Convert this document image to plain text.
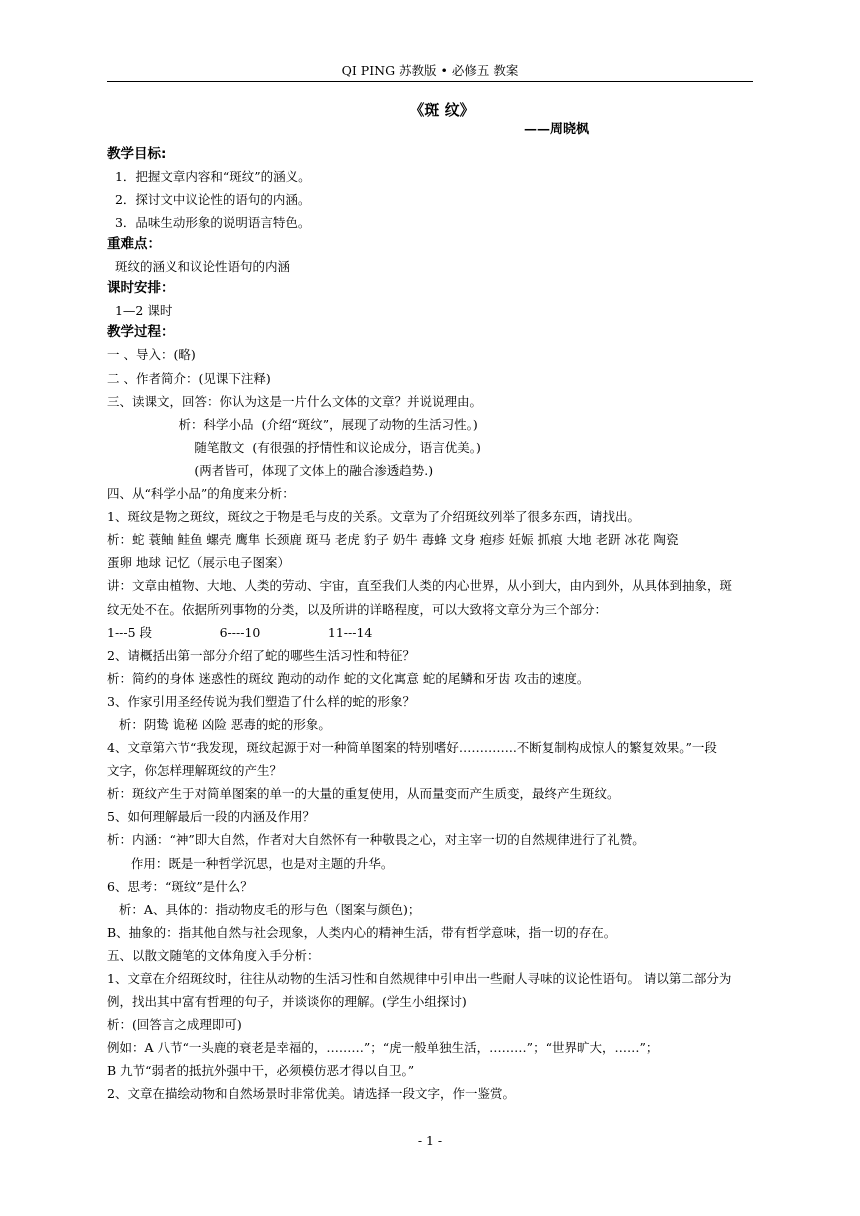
QI PING 苏教版 • 必修五 教案
《斑 纹》
——周晓枫
教学目标:
1．把握文章内容和“斑纹”的涵义。
2．探讨文中议论性的语句的内涵。
3．品味生动形象的说明语言特色。
重难点：
斑纹的涵义和议论性语句的内涵
课时安排：
1—2 课时
教学过程：
一 、导入：(略)
二 、作者简介：(见课下注释)
三、读课文，回答：你认为这是一片什么文体的文章？并说说理由。
析：科学小品  (介绍“斑纹”，展现了动物的生活习性。)
随笔散文  (有很强的抒情性和议论成分，语言优美。)
(两者皆可，体现了文体上的融合渗透趋势.)
四、从“科学小品”的角度来分析：
1、斑纹是物之斑纹，斑纹之于物是毛与皮的关系。文章为了介绍斑纹列举了很多东西，请找出。
析：蛇 蓑鲉 鲑鱼 螺壳 鹰隼 长颈鹿 斑马 老虎 豹子 奶牛 毒蜂 文身 疱疹 妊娠 抓痕 大地 老趼 冰花 陶瓷
蛋卵 地球 记忆（展示电子图案）
讲：文章由植物、大地、人类的劳动、宇宙，直至我们人类的内心世界，从小到大，由内到外，从具体到抽象，斑
纹无处不在。依据所列事物的分类，以及所讲的详略程度，可以大致将文章分为三个部分：
1---5 段                 6----10                 11---14
2、请概括出第一部分介绍了蛇的哪些生活习性和特征？
析：简约的身体 迷惑性的斑纹 跑动的动作 蛇的文化寓意 蛇的尾鳞和牙齿 攻击的速度。
3、作家引用圣经传说为我们塑造了什么样的蛇的形象？
析：阴鸷 诡秘 凶险 恶毒的蛇的形象。
4、文章第六节“我发现，斑纹起源于对一种简单图案的特别嗜好…………..不断复制构成惊人的繁复效果。”一段
文字，你怎样理解斑纹的产生？
析：斑纹产生于对简单图案的单一的大量的重复使用，从而量变而产生质变，最终产生斑纹。
5、如何理解最后一段的内涵及作用？
析：内涵：“神”即大自然，作者对大自然怀有一种敬畏之心，对主宰一切的自然规律进行了礼赞。
作用：既是一种哲学沉思，也是对主题的升华。
6、思考：“斑纹”是什么？
析：A、具体的：指动物皮毛的形与色（图案与颜色)；
B、抽象的：指其他自然与社会现象，人类内心的精神生活，带有哲学意味，指一切的存在。
五、以散文随笔的文体角度入手分析：
1、文章在介绍斑纹时，往往从动物的生活习性和自然规律中引申出一些耐人寻味的议论性语句。 请以第二部分为
例，找出其中富有哲理的句子，并谈谈你的理解。(学生小组探讨)
析：(回答言之成理即可)
例如：A 八节“一头鹿的衰老是幸福的，………”；“虎一般单独生活，………”；“世界旷大，……”；
B 九节“弱者的抵抗外强中干，必须模仿恶才得以自卫。”
2、文章在描绘动物和自然场景时非常优美。请选择一段文字，作一鉴赏。
- 1 -
